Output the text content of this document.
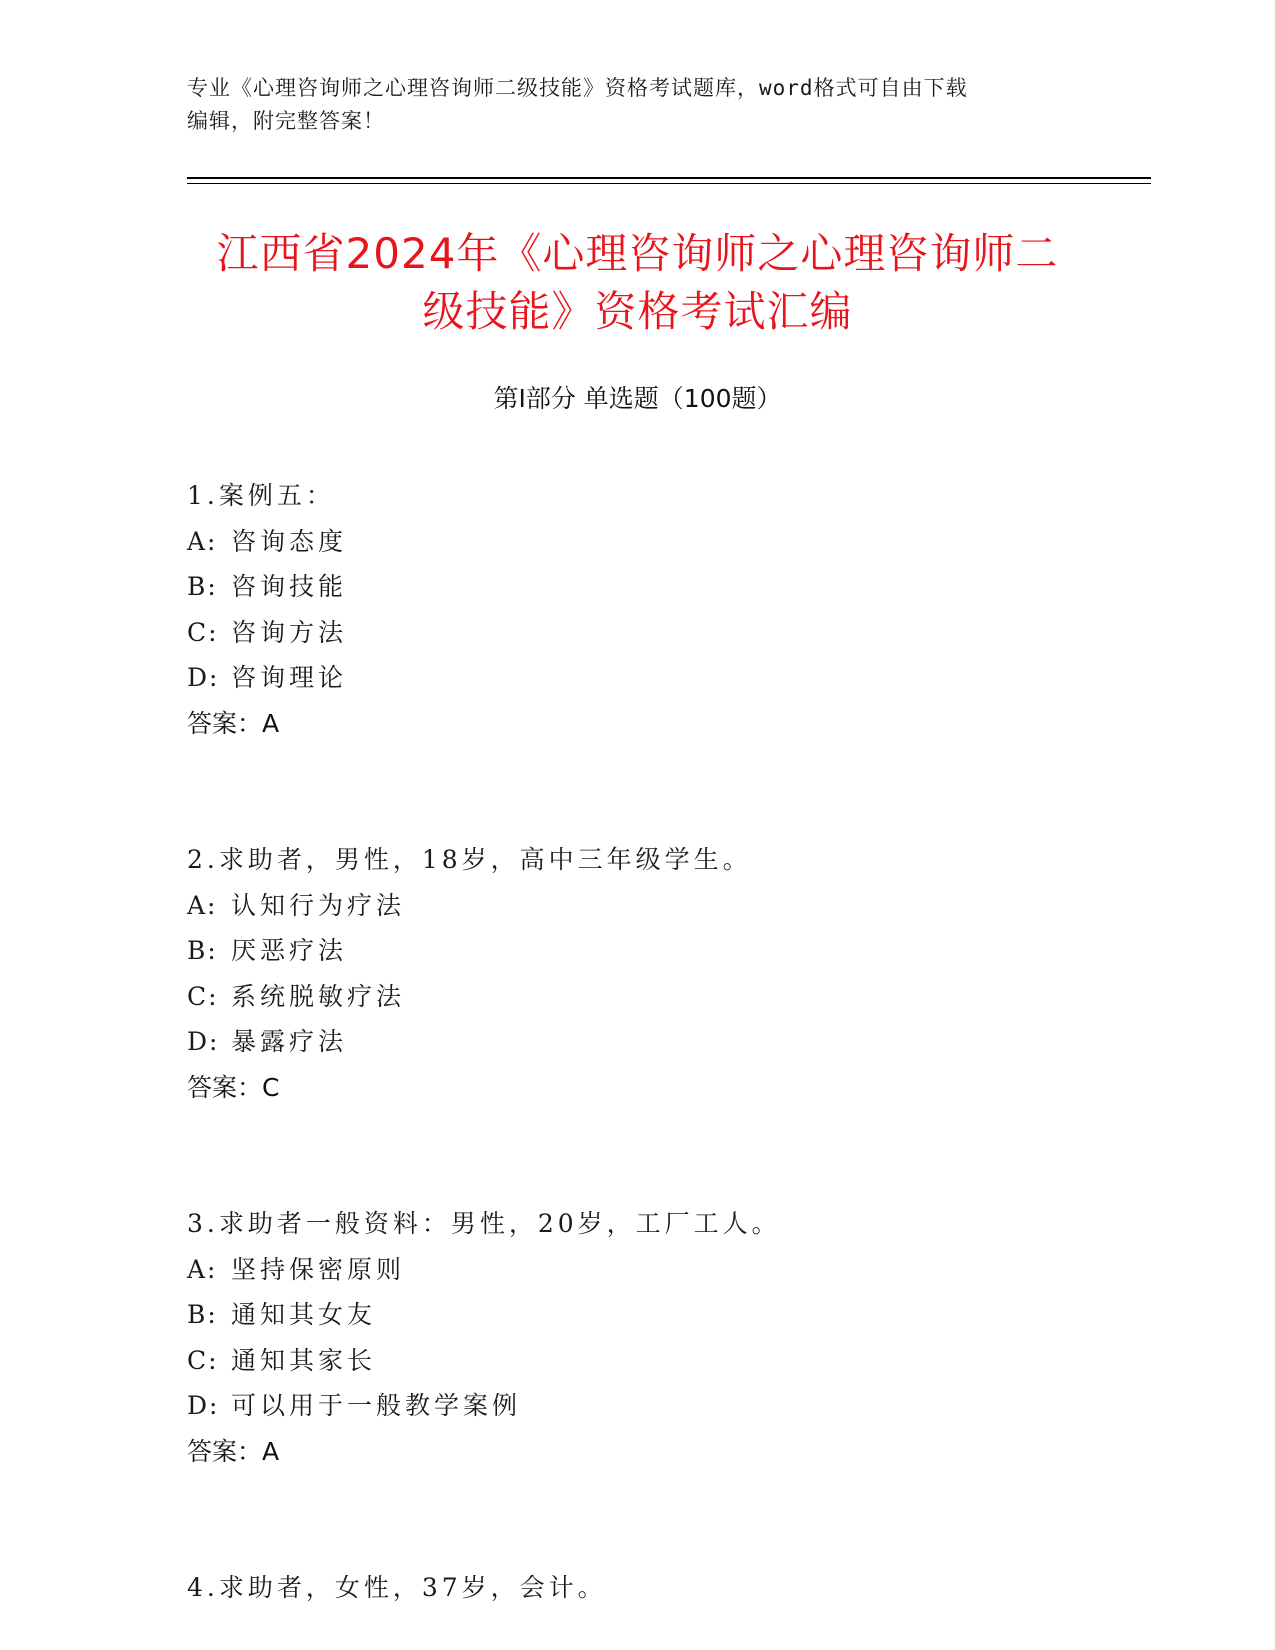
专业《心理咨询师之心理咨询师二级技能》资格考试题库，word格式可自由下载
编辑，附完整答案！
江西省2024年《心理咨询师之心理咨询师二
级技能》资格考试汇编
第Ⅰ部分 单选题（100题）
1.案例五：
A: 咨询态度
B: 咨询技能
C: 咨询方法
D: 咨询理论
答案：A
2.求助者，男性，18岁，高中三年级学生。
A: 认知行为疗法
B: 厌恶疗法
C: 系统脱敏疗法
D: 暴露疗法
答案：C
3.求助者一般资料：男性，20岁，工厂工人。
A: 坚持保密原则
B: 通知其女友
C: 通知其家长
D: 可以用于一般教学案例
答案：A
4.求助者，女性，37岁，会计。
